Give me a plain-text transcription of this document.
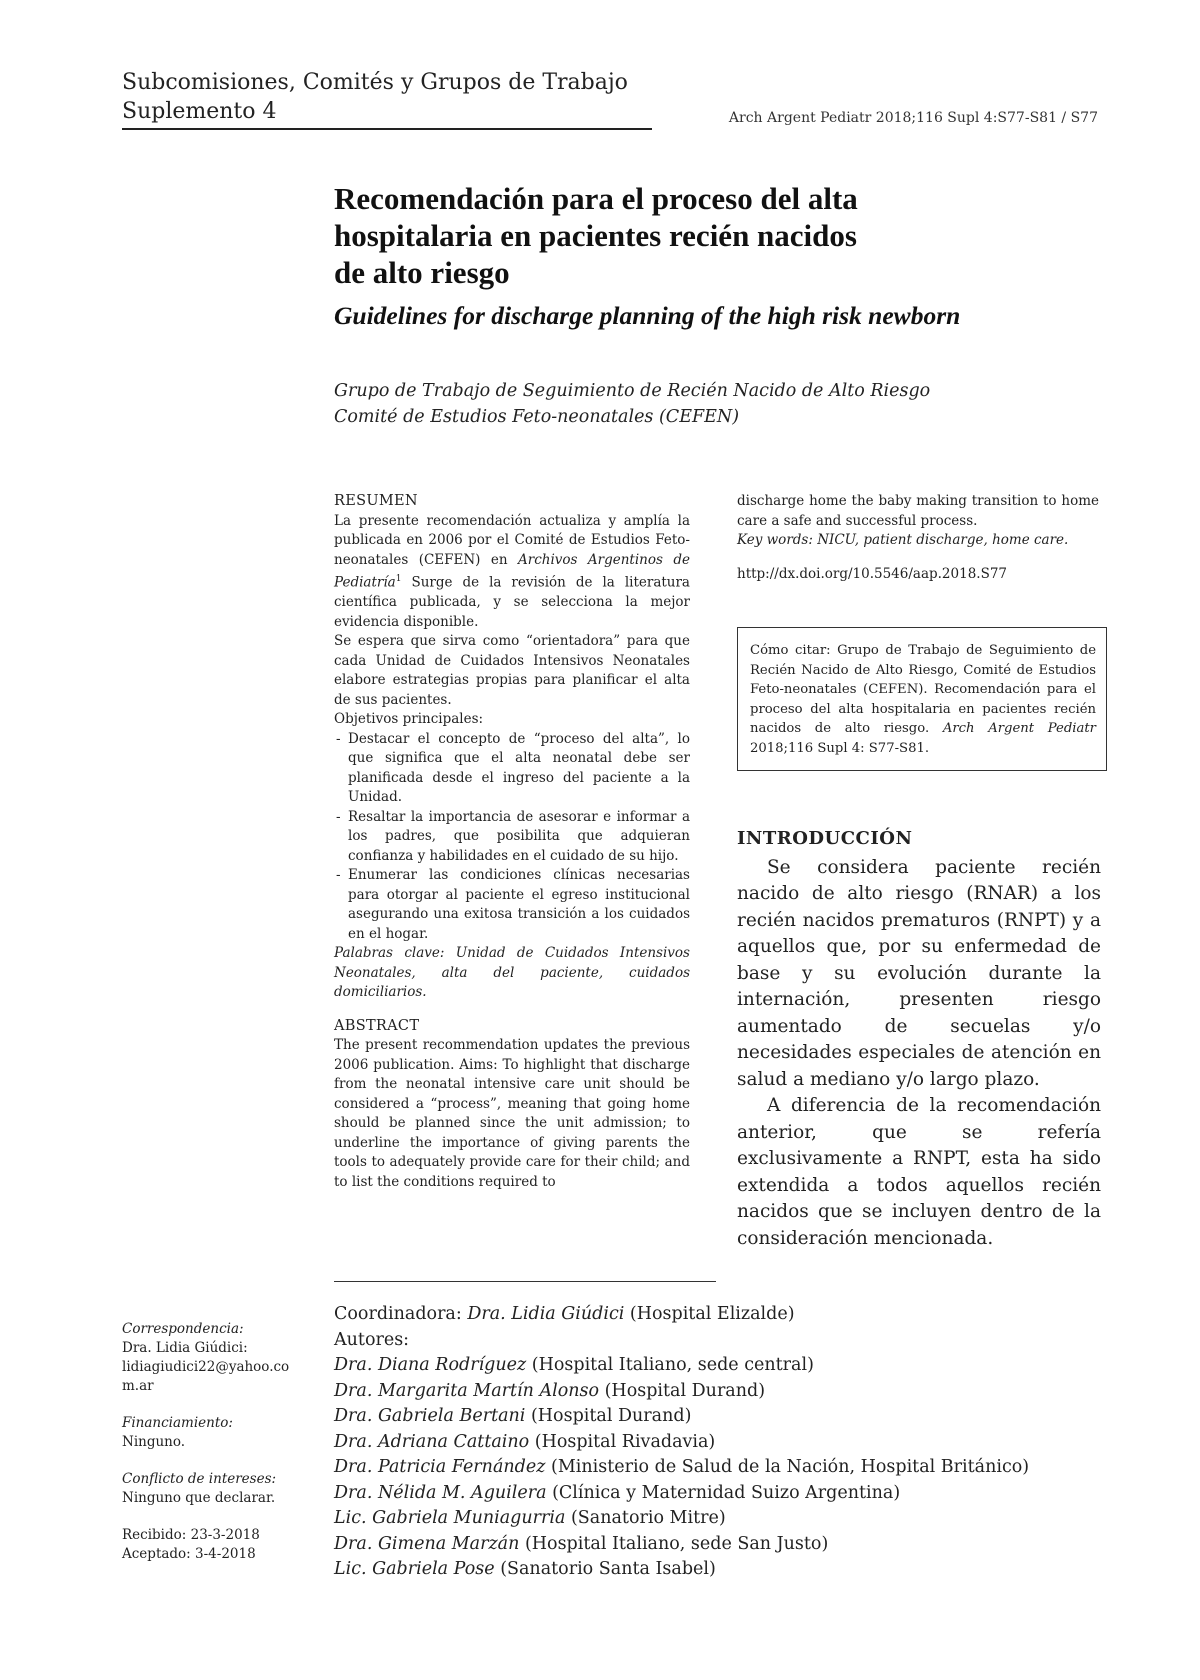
Subcomisiones, Comités y Grupos de Trabajo
Suplemento 4	Arch Argent Pediatr 2018;116 Supl 4:S77-S81 / S77
Recomendación para el proceso del alta
hospitalaria en pacientes recién nacidos
de alto riesgo
Guidelines for discharge planning of the high risk newborn
Grupo de Trabajo de Seguimiento de Recién Nacido de Alto Riesgo
Comité de Estudios Feto-neonatales (CEFEN)

RESUMEN

La presente recomendación actualiza y amplía la publicada en 2006 por el Comité de Estudios Feto-neonatales (CEFEN) en Archivos Argentinos de Pediatría$^1$ Surge de la revisión de la literatura científica publicada, y se selecciona la mejor evidencia disponible.

Se espera que sirva como “orientadora” para que cada Unidad de Cuidados Intensivos Neonatales elabore estrategias propias para planificar el alta de sus pacientes.

Objetivos principales:

- Destacar el concepto de “proceso del alta”, lo que significa que el alta neonatal debe ser planificada desde el ingreso del paciente a la Unidad.
- Resaltar la importancia de asesorar e informar a los padres, que posibilita que adquieran confianza y habilidades en el cuidado de su hijo.
- Enumerar las condiciones clínicas necesarias para otorgar al paciente el egreso institucional asegurando una exitosa transición a los cuidados en el hogar.

Palabras clave: Unidad de Cuidados Intensivos Neonatales, alta del paciente, cuidados domiciliarios.

ABSTRACT

The present recommendation updates the previous 2006 publication. Aims: To highlight that discharge from the neonatal intensive care unit should be considered a “process”, meaning that going home should be planned since the unit admission; to underline the importance of giving parents the tools to adequately provide care for their child; and to list the conditions required to

discharge home the baby making transition to home care a safe and successful process.

Key words: NICU, patient discharge, home care.

http://dx.doi.org/10.5546/aap.2018.S77

Cómo citar: Grupo de Trabajo de Seguimiento de Recién Nacido de Alto Riesgo, Comité de Estudios Feto-neonatales (CEFEN). Recomendación para el proceso del alta hospitalaria en pacientes recién nacidos de alto riesgo. Arch Argent Pediatr 2018;116 Supl 4: S77-S81.
INTRODUCCIÓN

Se considera paciente recién nacido de alto riesgo (RNAR) a los recién nacidos prematuros (RNPT) y a aquellos que, por su enfermedad de base y su evolución durante la internación, presenten riesgo aumentado de secuelas y/o necesidades especiales de atención en salud a mediano y/o largo plazo.

A diferencia de la recomendación anterior, que se refería exclusivamente a RNPT, esta ha sido extendida a todos aquellos recién nacidos que se incluyen dentro de la consideración mencionada.

Coordinadora: Dra. Lidia Giúdici (Hospital Elizalde)
Autores:
Dra. Diana Rodríguez (Hospital Italiano, sede central)
Dra. Margarita Martín Alonso (Hospital Durand)
Dra. Gabriela Bertani (Hospital Durand)
Dra. Adriana Cattaino (Hospital Rivadavia)
Dra. Patricia Fernández (Ministerio de Salud de la Nación, Hospital Británico)
Dra. Nélida M. Aguilera (Clínica y Maternidad Suizo Argentina)
Lic. Gabriela Muniagurria (Sanatorio Mitre)
Dra. Gimena Marzán (Hospital Italiano, sede San Justo)
Lic. Gabriela Pose (Sanatorio Santa Isabel)
Correspondencia:
Dra. Lidia Giúdici:
lidiagiudici22@yahoo.com.ar
Financiamiento:
Ninguno.
Conflicto de intereses:
Ninguno que declarar.
Recibido: 23-3-2018
Aceptado: 3-4-2018
